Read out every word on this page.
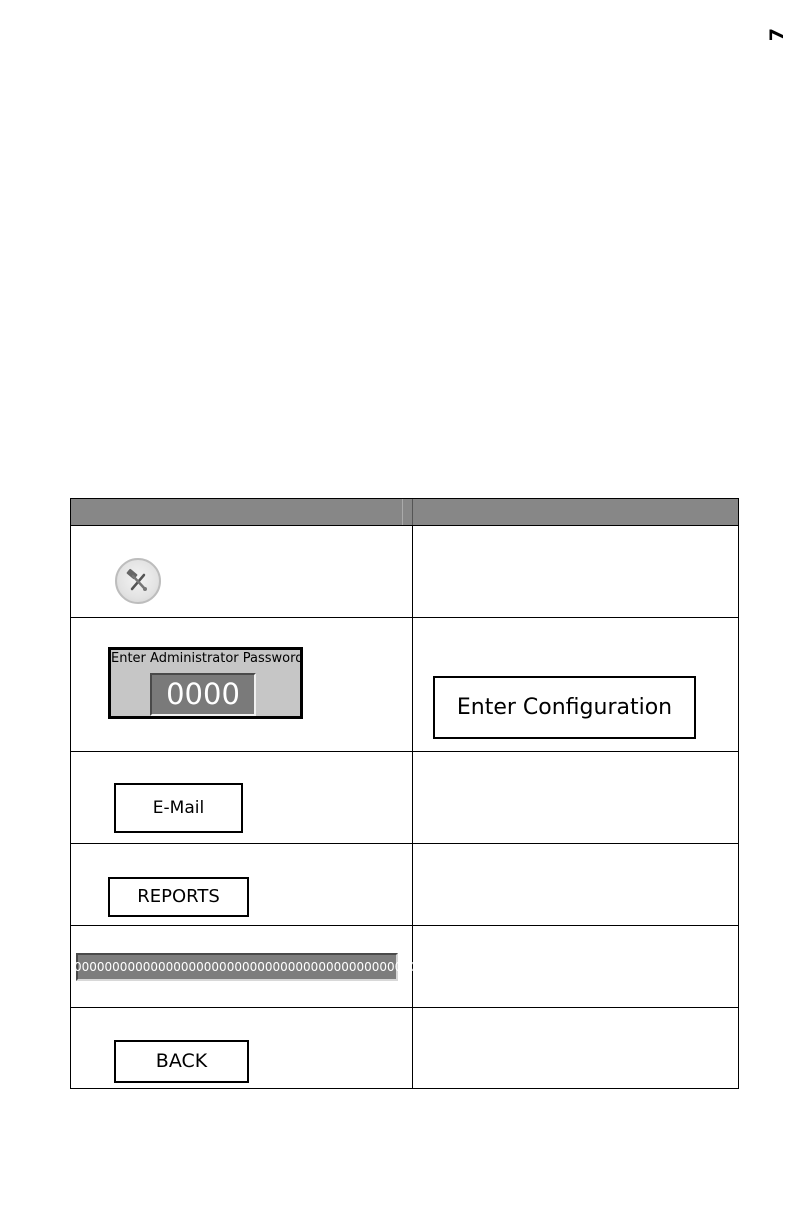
7
Enter Administrator Password
0000	Enter Configuration
E-Mail
REPORTS
000000000000000000000000000000000000000000000000000
BACK
